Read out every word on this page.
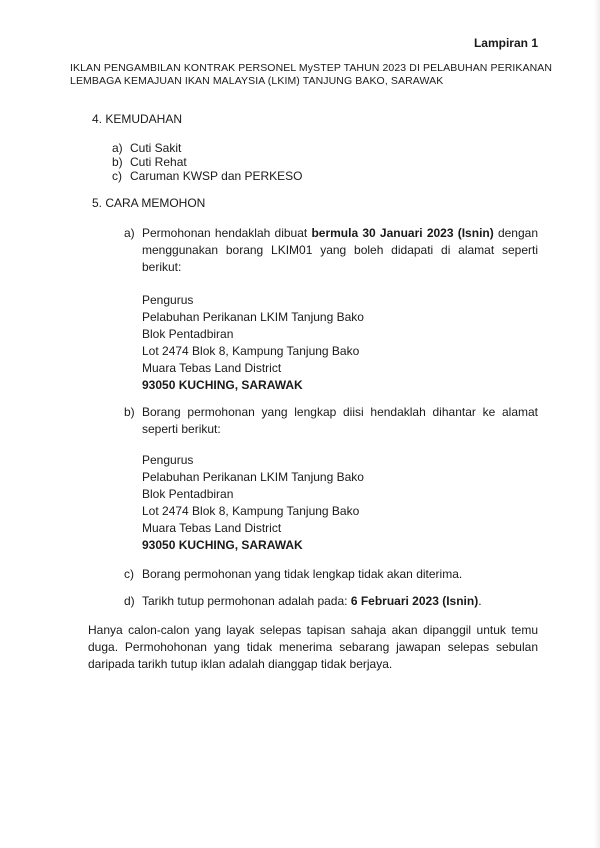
Lampiran 1
IKLAN PENGAMBILAN KONTRAK PERSONEL MySTEP TAHUN 2023 DI PELABUHAN PERIKANAN
LEMBAGA KEMAJUAN IKAN MALAYSIA (LKIM) TANJUNG BAKO, SARAWAK
4. KEMUDAHAN
a) Cuti Sakit
b) Cuti Rehat
c) Caruman KWSP dan PERKESO
5. CARA MEMOHON
a) Permohonan hendaklah dibuat bermula 30 Januari 2023 (Isnin) dengan menggunakan borang LKIM01 yang boleh didapati di alamat seperti berikut:
Pengurus
Pelabuhan Perikanan LKIM Tanjung Bako
Blok Pentadbiran
Lot 2474 Blok 8, Kampung Tanjung Bako
Muara Tebas Land District
93050 KUCHING, SARAWAK
b) Borang permohonan yang lengkap diisi hendaklah dihantar ke alamat seperti berikut:
Pengurus
Pelabuhan Perikanan LKIM Tanjung Bako
Blok Pentadbiran
Lot 2474 Blok 8, Kampung Tanjung Bako
Muara Tebas Land District
93050 KUCHING, SARAWAK
c) Borang permohonan yang tidak lengkap tidak akan diterima.
d) Tarikh tutup permohonan adalah pada: 6 Februari 2023 (Isnin).
Hanya calon-calon yang layak selepas tapisan sahaja akan dipanggil untuk temu duga. Permohohonan yang tidak menerima sebarang jawapan selepas sebulan daripada tarikh tutup iklan adalah dianggap tidak berjaya.
